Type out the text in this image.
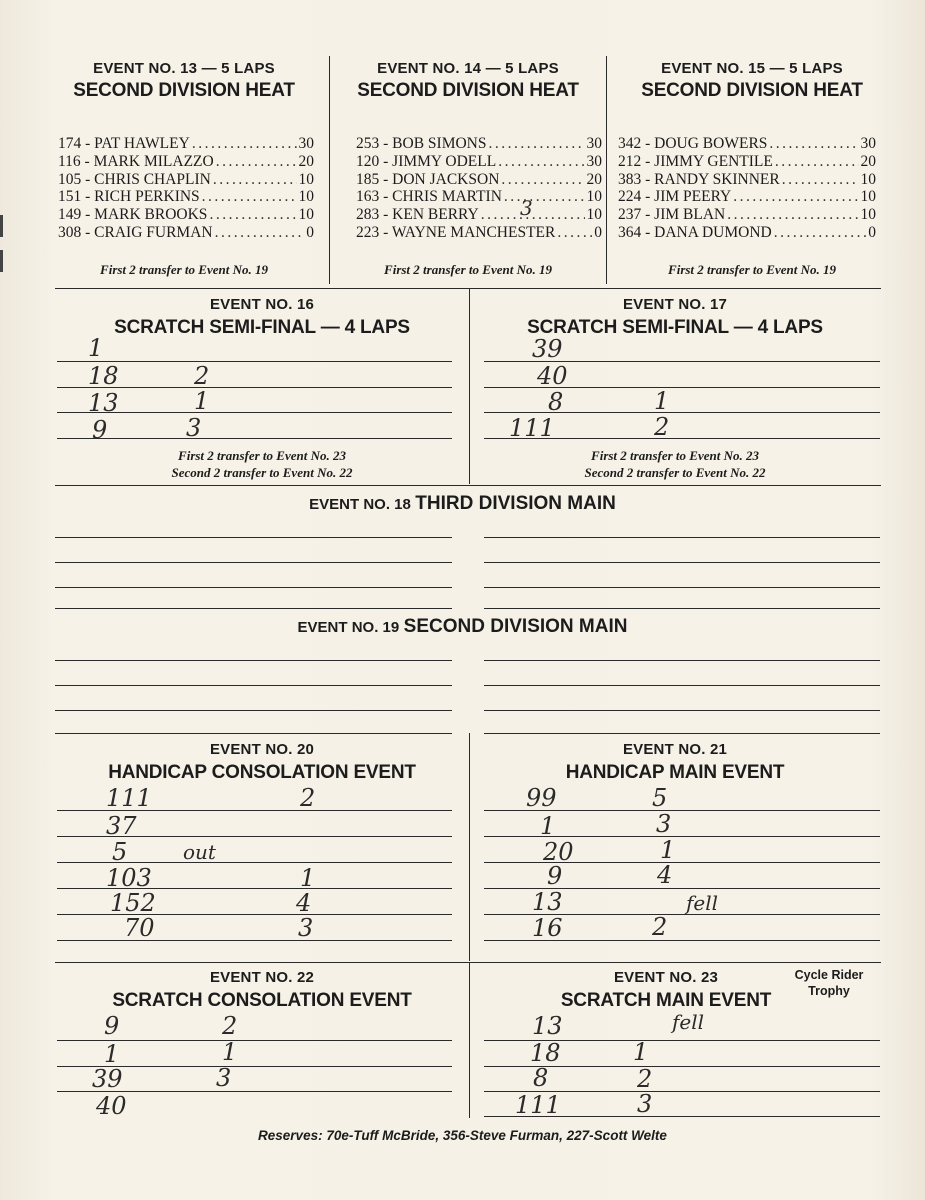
EVENT NO. 13 — 5 LAPS
SECOND DIVISION HEAT
174 - PAT HAWLEY .....	30
116 - MARK MILAZZO .....	20
105 - CHRIS CHAPLIN .....	10
151 - RICH PERKINS .....	10
149 - MARK BROOKS .....	10
308 - CRAIG FURMAN .....	0
First 2 transfer to Event No. 19
EVENT NO. 14 — 5 LAPS
SECOND DIVISION HEAT
253 - BOB SIMONS .....	30
120 - JIMMY ODELL .....	30
185 - DON JACKSON .....	20
163 - CHRIS MARTIN .....	10
283 - KEN BERRY .....	10
223 - WAYNE MANCHESTER .....	0
3
First 2 transfer to Event No. 19
EVENT NO. 15 — 5 LAPS
SECOND DIVISION HEAT
342 - DOUG BOWERS .....	30
212 - JIMMY GENTILE .....	20
383 - RANDY SKINNER .....	10
224 - JIM PEERY .....	10
237 - JIM BLAN .....	10
364 - DANA DUMOND .....	0
First 2 transfer to Event No. 19
EVENT NO. 16
SCRATCH SEMI-FINAL — 4 LAPS
1
18	2
13	1
9	3
First 2 transfer to Event No. 23
Second 2 transfer to Event No. 22
EVENT NO. 17
SCRATCH SEMI-FINAL — 4 LAPS
39
40
8	1
111	2
First 2 transfer to Event No. 23
Second 2 transfer to Event No. 22
EVENT NO. 18 THIRD DIVISION MAIN
EVENT NO. 19 SECOND DIVISION MAIN
EVENT NO. 20
HANDICAP CONSOLATION EVENT
111	2
37
5	out
103	1
152	4
70	3
EVENT NO. 21
HANDICAP MAIN EVENT
99	5
1	3
20	1
9	4
13	fell
16	2
EVENT NO. 22
SCRATCH CONSOLATION EVENT
9	2
1	1
39	3
40
EVENT NO. 23
SCRATCH MAIN EVENT
Cycle Rider
Trophy
13	fell
18	1
8	2
111	3
Reserves: 70e-Tuff McBride, 356-Steve Furman, 227-Scott Welte
